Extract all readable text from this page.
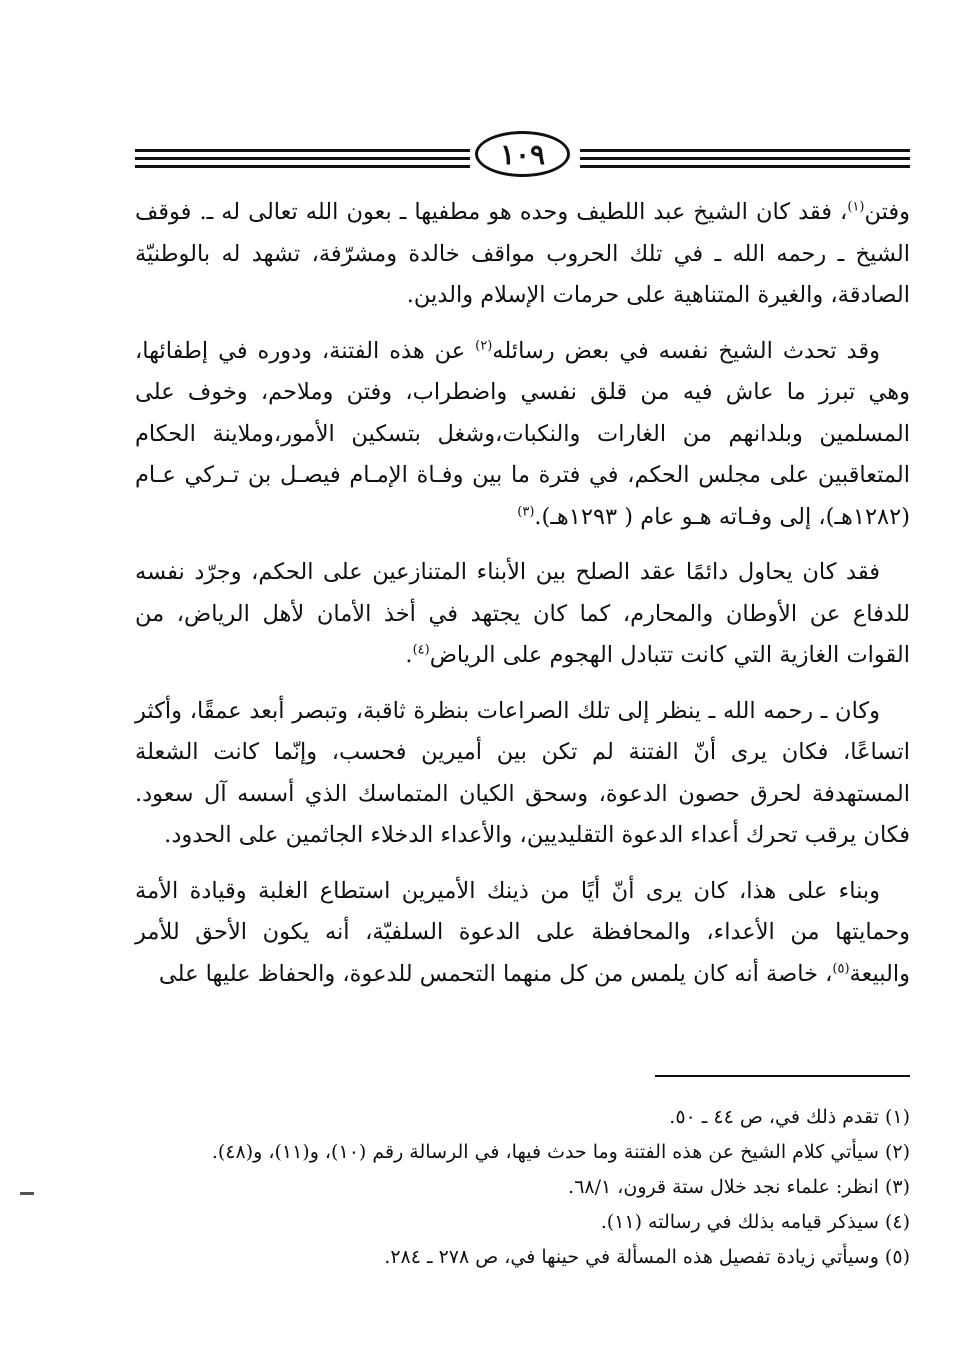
١٠٩

وفتن$^{(١)}$، فقد كان الشيخ عبد اللطيف وحده هو مطفيها ـ بعون الله تعالى له ـ. فوقف الشيخ ـ رحمه الله ـ في تلك الحروب مواقف خالدة ومشرّفة، تشهد له بالوطنيّة الصادقة، والغيرة المتناهية على حرمات الإسلام والدين.

وقد تحدث الشيخ نفسه في بعض رسائله$^{(٢)}$ عن هذه الفتنة، ودوره في إطفائها، وهي تبرز ما عاش فيه من قلق نفسي واضطراب، وفتن وملاحم، وخوف على المسلمين وبلدانهم من الغارات والنكبات،وشغل بتسكين الأمور،وملاينة الحكام المتعاقبين على مجلس الحكم، في فترة ما بين وفـاة الإمـام فيصـل بن تـركي عـام (١٢٨٢هـ)، إلى وفـاته هـو عام ( ١٢٩٣هـ).$^{(٣)}$

فقد كان يحاول دائمًا عقد الصلح بين الأبناء المتنازعين على الحكم، وجرّد نفسه للدفاع عن الأوطان والمحارم، كما كان يجتهد في أخذ الأمان لأهل الرياض، من القوات الغازية التي كانت تتبادل الهجوم على الرياض$^{(٤)}$.

وكان ـ رحمه الله ـ ينظر إلى تلك الصراعات بنظرة ثاقبة، وتبصر أبعد عمقًا، وأكثر اتساعًا، فكان يرى أنّ الفتنة لم تكن بين أميرين فحسب، وإنّما كانت الشعلة المستهدفة لحرق حصون الدعوة، وسحق الكيان المتماسك الذي أسسه آل سعود. فكان يرقب تحرك أعداء الدعوة التقليديين، والأعداء الدخلاء الجاثمين على الحدود.

وبناء على هذا، كان يرى أنّ أيًا من ذينك الأميرين استطاع الغلبة وقيادة الأمة وحمايتها من الأعداء، والمحافظة على الدعوة السلفيّة، أنه يكون الأحق للأمر والبيعة$^{(٥)}$، خاصة أنه كان يلمس من كل منهما التحمس للدعوة، والحفاظ عليها على

(١) تقدم ذلك في، ص ٤٤ ـ ٥٠.
(٢) سيأتي كلام الشيخ عن هذه الفتنة وما حدث فيها، في الرسالة رقم (١٠)، و(١١)، و(٤٨).
(٣) انظر: علماء نجد خلال ستة قرون، ٦٨/١.
(٤) سيذكر قيامه بذلك في رسالته (١١).
(٥) وسيأتي زيادة تفصيل هذه المسألة في حينها في، ص ٢٧٨ ـ ٢٨٤.
